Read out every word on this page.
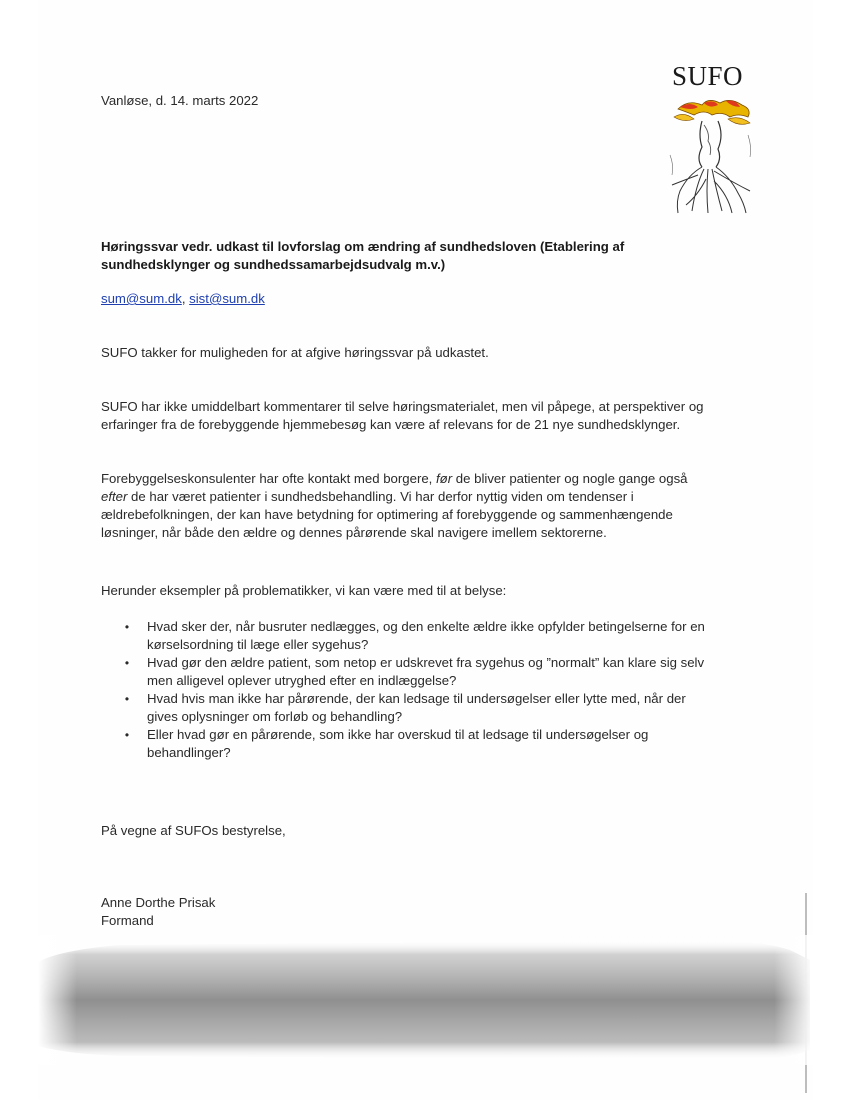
SUFO
Vanløse, d. 14. marts 2022
Høringssvar vedr. udkast til lovforslag om ændring af sundhedsloven (Etablering af
sundhedsklynger og sundhedssamarbejdsudvalg m.v.)
sum@sum.dk, sist@sum.dk
SUFO takker for muligheden for at afgive høringssvar på udkastet.
SUFO har ikke umiddelbart kommentarer til selve høringsmaterialet, men vil påpege, at perspektiver og
erfaringer fra de forebyggende hjemmebesøg kan være af relevans for de 21 nye sundhedsklynger.
Forebyggelseskonsulenter har ofte kontakt med borgere, før de bliver patienter og nogle gange også
efter de har været patienter i sundhedsbehandling. Vi har derfor nyttig viden om tendenser i
ældrebefolkningen, der kan have betydning for optimering af forebyggende og sammenhængende
løsninger, når både den ældre og dennes pårørende skal navigere imellem sektorerne.
Herunder eksempler på problematikker, vi kan være med til at belyse:
• Hvad sker der, når busruter nedlægges, og den enkelte ældre ikke opfylder betingelserne for en
kørselsordning til læge eller sygehus?
• Hvad gør den ældre patient, som netop er udskrevet fra sygehus og ”normalt” kan klare sig selv
men alligevel oplever utryghed efter en indlæggelse?
• Hvad hvis man ikke har pårørende, der kan ledsage til undersøgelser eller lytte med, når der
gives oplysninger om forløb og behandling?
• Eller hvad gør en pårørende, som ikke har overskud til at ledsage til undersøgelser og
behandlinger?
På vegne af SUFOs bestyrelse,
Anne Dorthe Prisak
Formand
